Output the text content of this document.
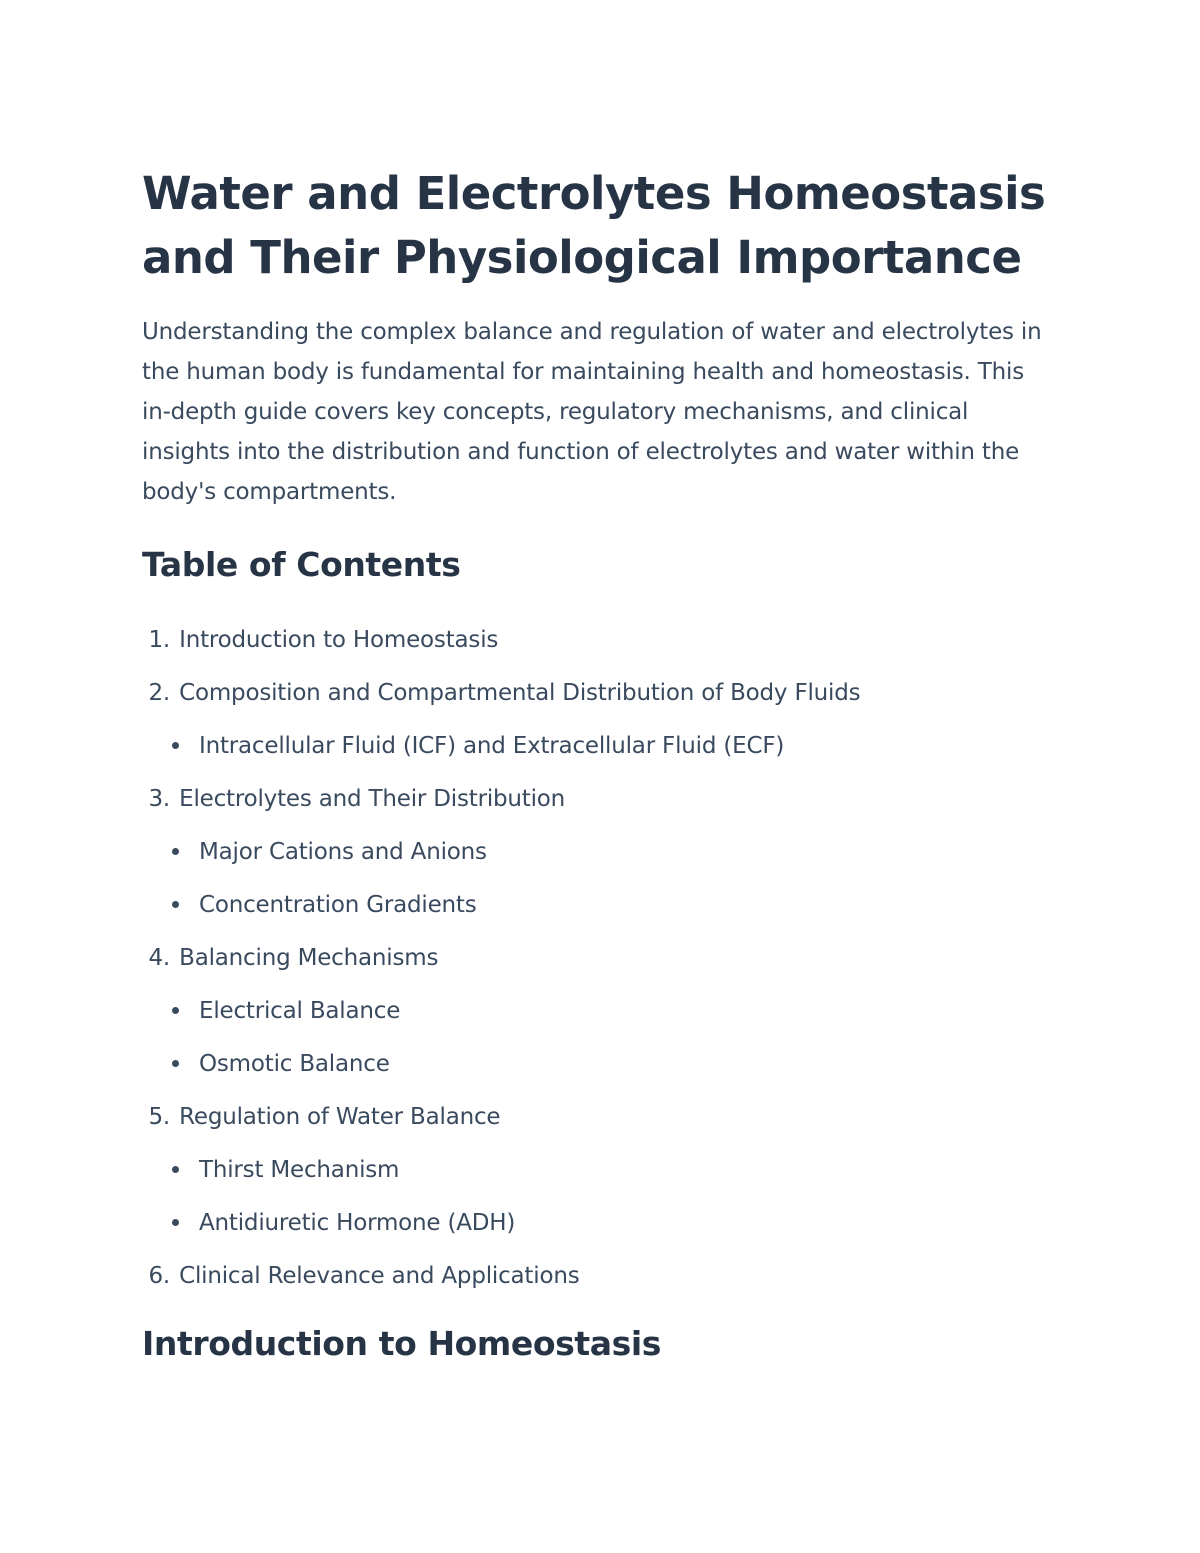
Water and Electrolytes Homeostasis and Their Physiological Importance

Understanding the complex balance and regulation of water and electrolytes in the human body is fundamental for maintaining health and homeostasis. This in-depth guide covers key concepts, regulatory mechanisms, and clinical insights into the distribution and function of electrolytes and water within the body's compartments.

Table of Contents
1. Introduction to Homeostasis
2. Composition and Compartmental Distribution of Body Fluids
Intracellular Fluid (ICF) and Extracellular Fluid (ECF)
3. Electrolytes and Their Distribution
Major Cations and Anions
Concentration Gradients
4. Balancing Mechanisms
Electrical Balance
Osmotic Balance
5. Regulation of Water Balance
Thirst Mechanism
Antidiuretic Hormone (ADH)
6. Clinical Relevance and Applications
Introduction to Homeostasis
